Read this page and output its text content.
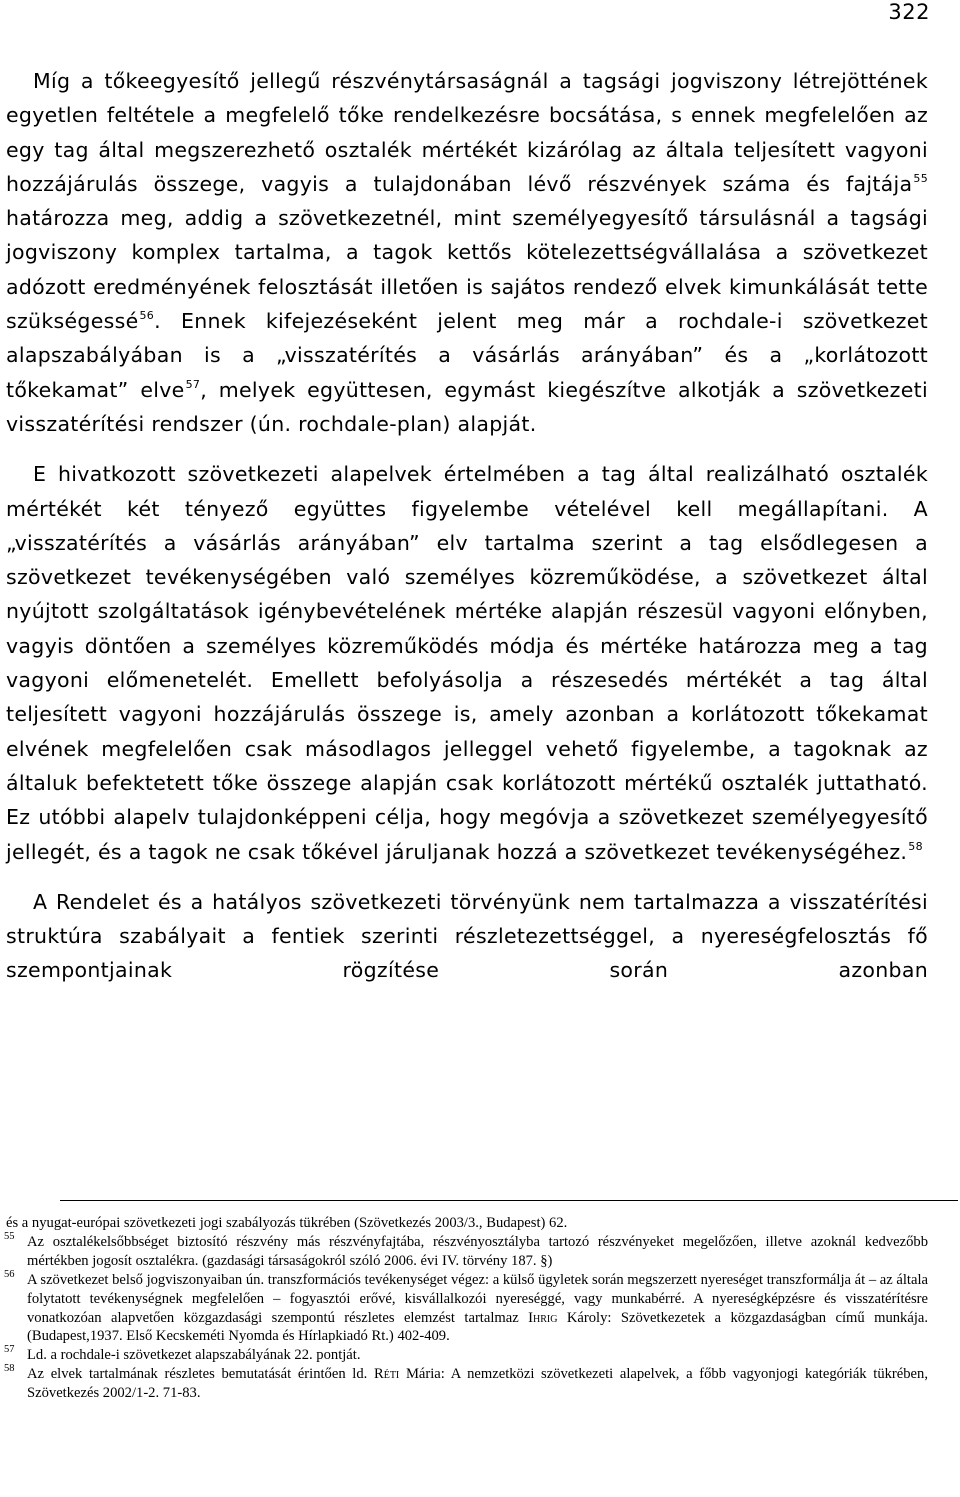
322

Míg a tőkeegyesítő jellegű részvénytársaságnál a tagsági jogviszony létrejöttének egyetlen feltétele a megfelelő tőke rendelkezésre bocsátása, s ennek megfelelően az egy tag által megszerezhető osztalék mértékét kizárólag az általa teljesített vagyoni hozzájárulás összege, vagyis a tulajdonában lévő részvények száma és fajtája$^{55}$ határozza meg, addig a szövetkezetnél, mint személyegyesítő társulásnál a tagsági jogviszony komplex tartalma, a tagok kettős kötelezettségvállalása a szövetkezet adózott eredményének felosztását illetően is sajátos rendező elvek kimunkálását tette szükségessé$^{56}$. Ennek kifejezéseként jelent meg már a rochdale-i szövetkezet alapszabályában is a „visszatérítés a vásárlás arányában” és a „korlátozott tőkekamat” elve$^{57}$, melyek együttesen, egymást kiegészítve alkotják a szövetkezeti visszatérítési rendszer (ún. rochdale-plan) alapját.

E hivatkozott szövetkezeti alapelvek értelmében a tag által realizálható osztalék mértékét két tényező együttes figyelembe vételével kell megállapítani. A „visszatérítés a vásárlás arányában” elv tartalma szerint a tag elsődlegesen a szövetkezet tevékenységében való személyes közreműködése, a szövetkezet által nyújtott szolgáltatások igénybevételének mértéke alapján részesül vagyoni előnyben, vagyis döntően a személyes közreműködés módja és mértéke határozza meg a tag vagyoni előmenetelét. Emellett befolyásolja a részesedés mértékét a tag által teljesített vagyoni hozzájárulás összege is, amely azonban a korlátozott tőkekamat elvének megfelelően csak másodlagos jelleggel vehető figyelembe, a tagoknak az általuk befektetett tőke összege alapján csak korlátozott mértékű osztalék juttatható. Ez utóbbi alapelv tulajdonképpeni célja, hogy megóvja a szövetkezet személyegyesítő jellegét, és a tagok ne csak tőkével járuljanak hozzá a szövetkezet tevékenységéhez.$^{58}$

A Rendelet és a hatályos szövetkezeti törvényünk nem tartalmazza a visszatérítési struktúra szabályait a fentiek szerinti részletezettséggel, a nyereségfelosztás fő szempontjainak rögzítése során azonban

és a nyugat-európai szövetkezeti jogi szabályozás tükrében (Szövetkezés 2003/3., Budapest) 62.

55 Az osztalékelsőbbséget biztosító részvény más részvényfajtába, részvényosztályba tartozó részvényeket megelőzően, illetve azoknál kedvezőbb mértékben jogosít osztalékra. (gazdasági társaságokról szóló 2006. évi IV. törvény 187. §)
56 A szövetkezet belső jogviszonyaiban ún. transzformációs tevékenységet végez: a külső ügyletek során megszerzett nyereséget transzformálja át – az általa folytatott tevékenységnek megfelelően – fogyasztói erővé, kisvállalkozói nyereséggé, vagy munkabérré. A nyereségképzésre és visszatérítésre vonatkozóan alapvetően közgazdasági szempontú részletes elemzést tartalmaz Ihrig Károly: Szövetkezetek a közgazdaságban című munkája. (Budapest,1937. Első Kecskeméti Nyomda és Hírlapkiadó Rt.) 402-409.
57 Ld. a rochdale-i szövetkezet alapszabályának 22. pontját.
58 Az elvek tartalmának részletes bemutatását érintően ld. Réti Mária: A nemzetközi szövetkezeti alapelvek, a főbb vagyonjogi kategóriák tükrében, Szövetkezés 2002/1-2. 71-83.
